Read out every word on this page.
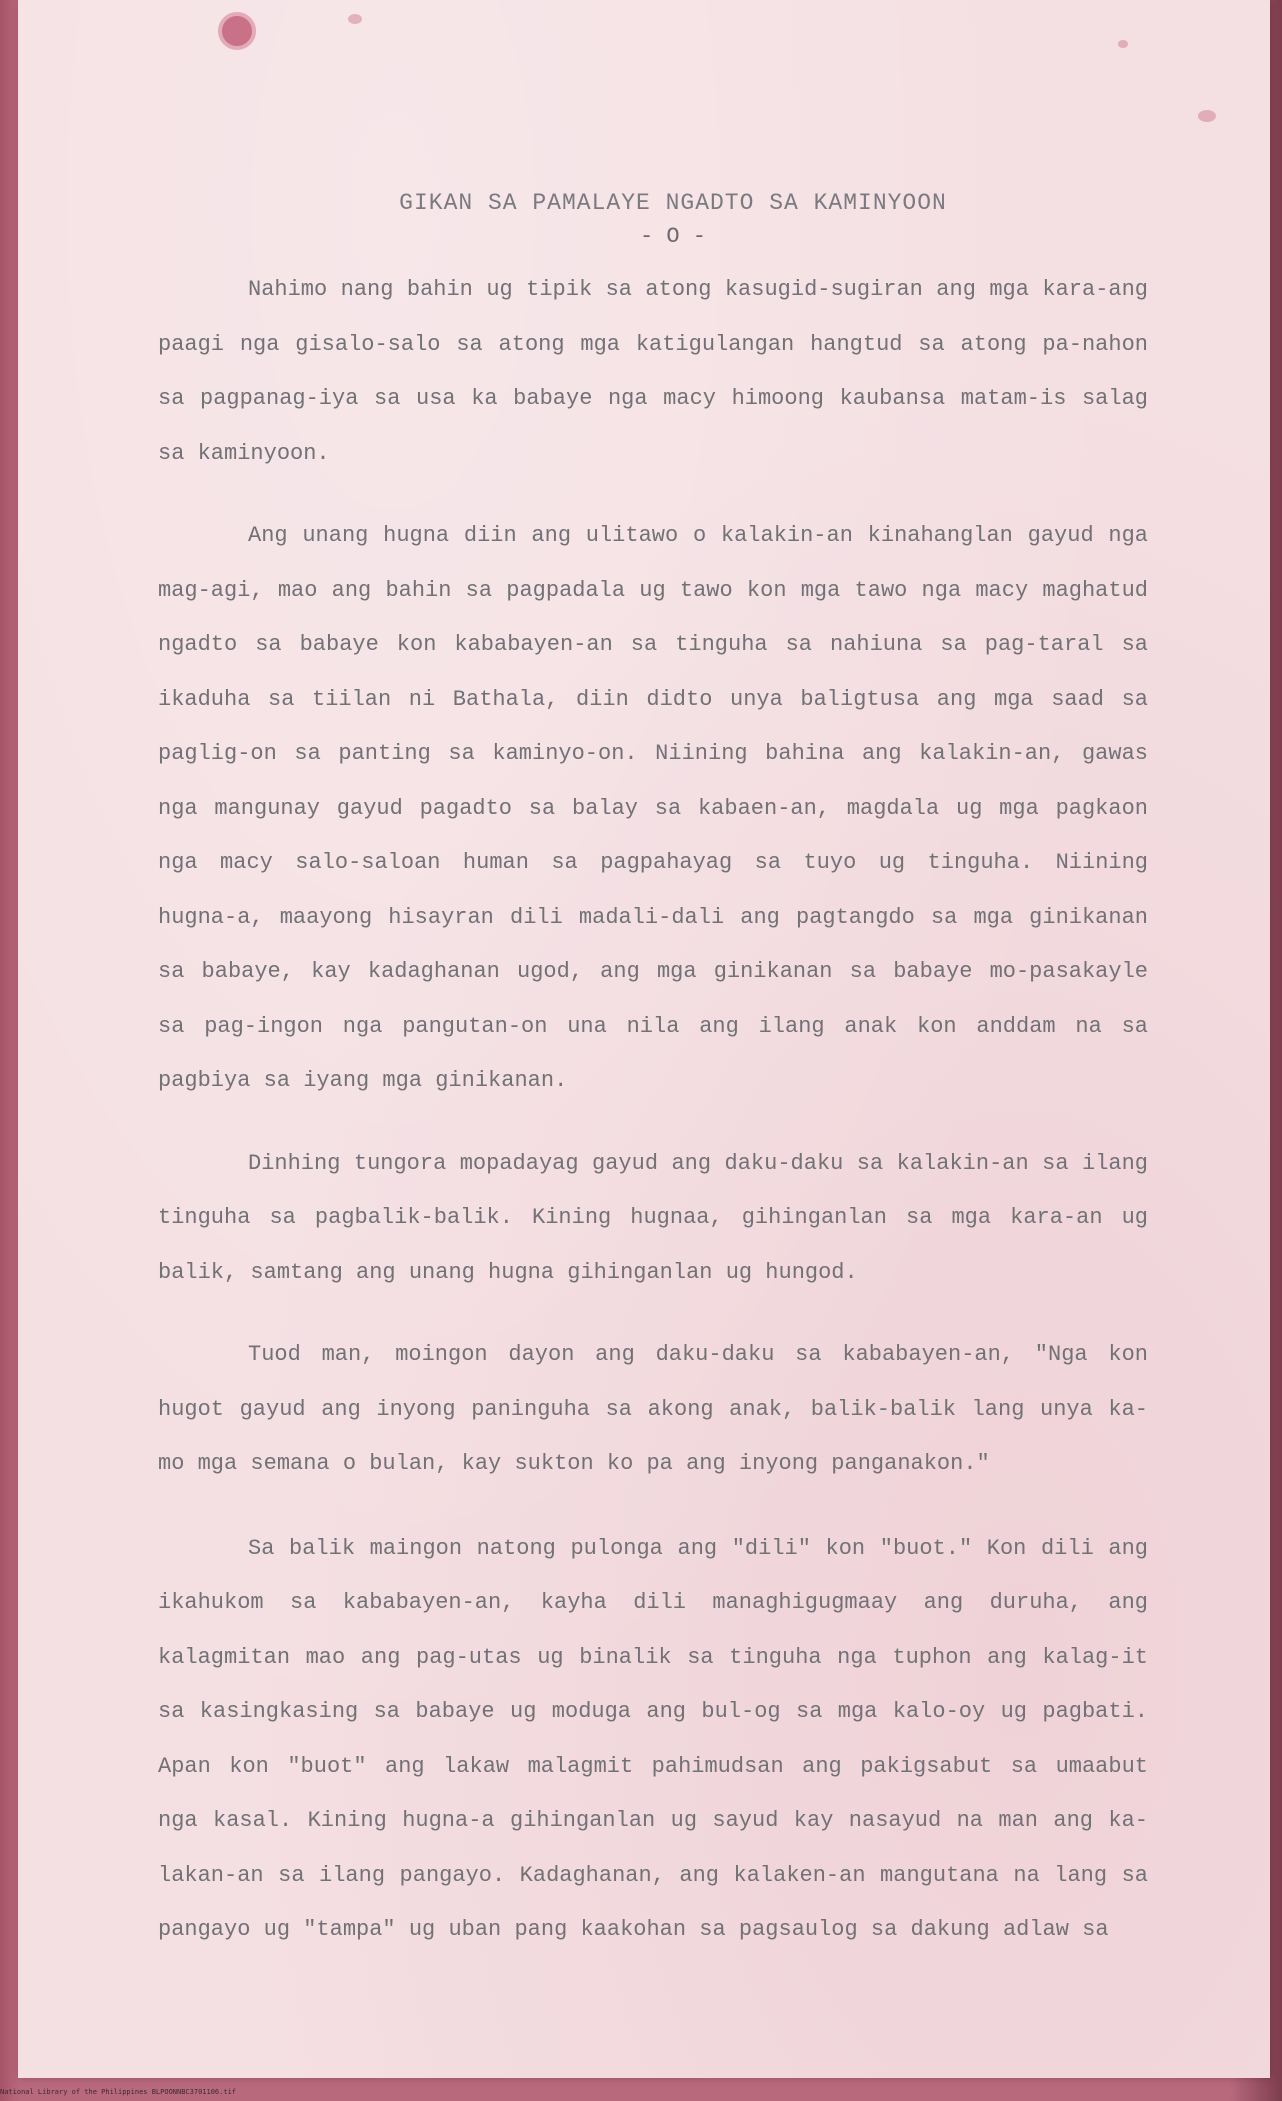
GIKAN SA PAMALAYE NGADTO SA KAMINYOON

- O -

Nahimo nang bahin ug tipik sa atong kasugid-sugiran ang mga kara-ang paagi nga gisalo-salo sa atong mga katigulangan hangtud sa atong pa-nahon sa pagpanag-iya sa usa ka babaye nga macy himoong kaubansa matam-is salag sa kaminyoon.

Ang unang hugna diin ang ulitawo o kalakin-an kinahanglan gayud nga mag-agi, mao ang bahin sa pagpadala ug tawo kon mga tawo nga macy maghatud ngadto sa babaye kon kababayen-an sa tinguha sa nahiuna sa pag-taral sa ikaduha sa tiilan ni Bathala, diin didto unya baligtusa ang mga saad sa paglig-on sa panting sa kaminyo-on. Niining bahina ang kalakin-an, gawas nga mangunay gayud pagadto sa balay sa kabaen-an, magdala ug mga pagkaon nga macy salo-saloan human sa pagpahayag sa tuyo ug tinguha. Niining hugna-a, maayong hisayran dili madali-dali ang pagtangdo sa mga ginikanan sa babaye, kay kadaghanan ugod, ang mga ginikanan sa babaye mo-pasakayle sa pag-ingon nga pangutan-on una nila ang ilang anak kon anddam na sa pagbiya sa iyang mga ginikanan.

Dinhing tungora mopadayag gayud ang daku-daku sa kalakin-an sa ilang tinguha sa pagbalik-balik. Kining hugnaa, gihinganlan sa mga kara-an ug balik, samtang ang unang hugna gihinganlan ug hungod.

Tuod man, moingon dayon ang daku-daku sa kababayen-an, "Nga kon hugot gayud ang inyong paninguha sa akong anak, balik-balik lang unya ka-mo mga semana o bulan, kay sukton ko pa ang inyong panganakon."

Sa balik maingon natong pulonga ang "dili" kon "buot." Kon dili ang ikahukom sa kababayen-an, kayha dili managhigugmaay ang duruha, ang kalagmitan mao ang pag-utas ug binalik sa tinguha nga tuphon ang kalag-it sa kasingkasing sa babaye ug moduga ang bul-og sa mga kalo-oy ug pagbati. Apan kon "buot" ang lakaw malagmit pahimudsan ang pakigsabut sa umaabut nga kasal. Kining hugna-a gihinganlan ug sayud kay nasayud na man ang ka-lakan-an sa ilang pangayo. Kadaghanan, ang kalaken-an mangutana na lang sa pangayo ug "tampa" ug uban pang kaakohan sa pagsaulog sa dakung adlaw sa

National Library of the Philippines BLPOONNBC3701106.tif
